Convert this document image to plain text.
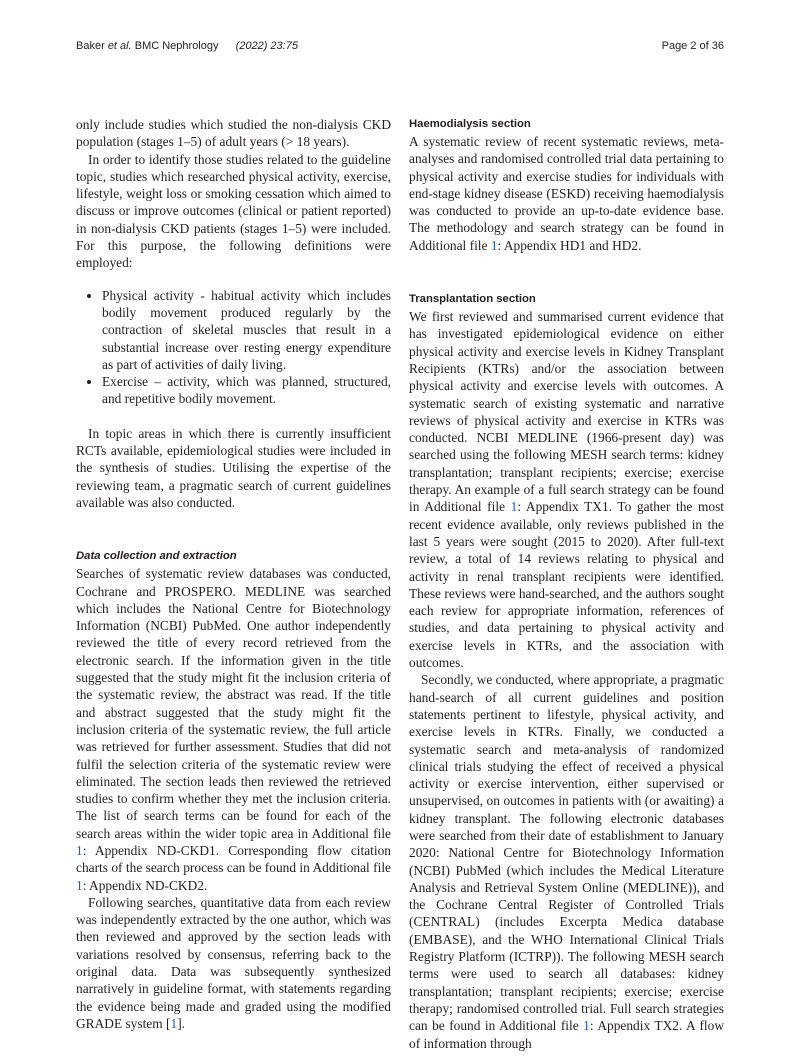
Baker et al. BMC Nephrology (2022) 23:75	Page 2 of 36

only include studies which studied the non-dialysis CKD population (stages 1–5) of adult years (> 18 years).

In order to identify those studies related to the guideline topic, studies which researched physical activity, exercise, lifestyle, weight loss or smoking cessation which aimed to discuss or improve outcomes (clinical or patient reported) in non-dialysis CKD patients (stages 1–5) were included. For this purpose, the following definitions were employed:

• Physical activity - habitual activity which includes bodily movement produced regularly by the contraction of skeletal muscles that result in a substantial increase over resting energy expenditure as part of activities of daily living.
• Exercise – activity, which was planned, structured, and repetitive bodily movement.

In topic areas in which there is currently insufficient RCTs available, epidemiological studies were included in the synthesis of studies. Utilising the expertise of the reviewing team, a pragmatic search of current guidelines available was also conducted.

Data collection and extraction

Searches of systematic review databases was conducted, Cochrane and PROSPERO. MEDLINE was searched which includes the National Centre for Biotechnology Information (NCBI) PubMed. One author independently reviewed the title of every record retrieved from the electronic search. If the information given in the title suggested that the study might fit the inclusion criteria of the systematic review, the abstract was read. If the title and abstract suggested that the study might fit the inclusion criteria of the systematic review, the full article was retrieved for further assessment. Studies that did not fulfil the selection criteria of the systematic review were eliminated. The section leads then reviewed the retrieved studies to confirm whether they met the inclusion criteria. The list of search terms can be found for each of the search areas within the wider topic area in Additional file 1: Appendix ND-CKD1. Corresponding flow citation charts of the search process can be found in Additional file 1: Appendix ND-CKD2.

Following searches, quantitative data from each review was independently extracted by the one author, which was then reviewed and approved by the section leads with variations resolved by consensus, referring back to the original data. Data was subsequently synthesized narratively in guideline format, with statements regarding the evidence being made and graded using the modified GRADE system [1].

Haemodialysis section

A systematic review of recent systematic reviews, meta-analyses and randomised controlled trial data pertaining to physical activity and exercise studies for individuals with end-stage kidney disease (ESKD) receiving haemodialysis was conducted to provide an up-to-date evidence base. The methodology and search strategy can be found in Additional file 1: Appendix HD1 and HD2.

Transplantation section

We first reviewed and summarised current evidence that has investigated epidemiological evidence on either physical activity and exercise levels in Kidney Transplant Recipients (KTRs) and/or the association between physical activity and exercise levels with outcomes. A systematic search of existing systematic and narrative reviews of physical activity and exercise in KTRs was conducted. NCBI MEDLINE (1966-present day) was searched using the following MESH search terms: kidney transplantation; transplant recipients; exercise; exercise therapy. An example of a full search strategy can be found in Additional file 1: Appendix TX1. To gather the most recent evidence available, only reviews published in the last 5 years were sought (2015 to 2020). After full-text review, a total of 14 reviews relating to physical and activity in renal transplant recipients were identified. These reviews were hand-searched, and the authors sought each review for appropriate information, references of studies, and data pertaining to physical activity and exercise levels in KTRs, and the association with outcomes.

Secondly, we conducted, where appropriate, a pragmatic hand-search of all current guidelines and position statements pertinent to lifestyle, physical activity, and exercise levels in KTRs. Finally, we conducted a systematic search and meta-analysis of randomized clinical trials studying the effect of received a physical activity or exercise intervention, either supervised or unsupervised, on outcomes in patients with (or awaiting) a kidney transplant. The following electronic databases were searched from their date of establishment to January 2020: National Centre for Biotechnology Information (NCBI) PubMed (which includes the Medical Literature Analysis and Retrieval System Online (MEDLINE)), and the Cochrane Central Register of Controlled Trials (CENTRAL) (includes Excerpta Medica database (EMBASE), and the WHO International Clinical Trials Registry Platform (ICTRP)). The following MESH search terms were used to search all databases: kidney transplantation; transplant recipients; exercise; exercise therapy; randomised controlled trial. Full search strategies can be found in Additional file 1: Appendix TX2. A flow of information through
